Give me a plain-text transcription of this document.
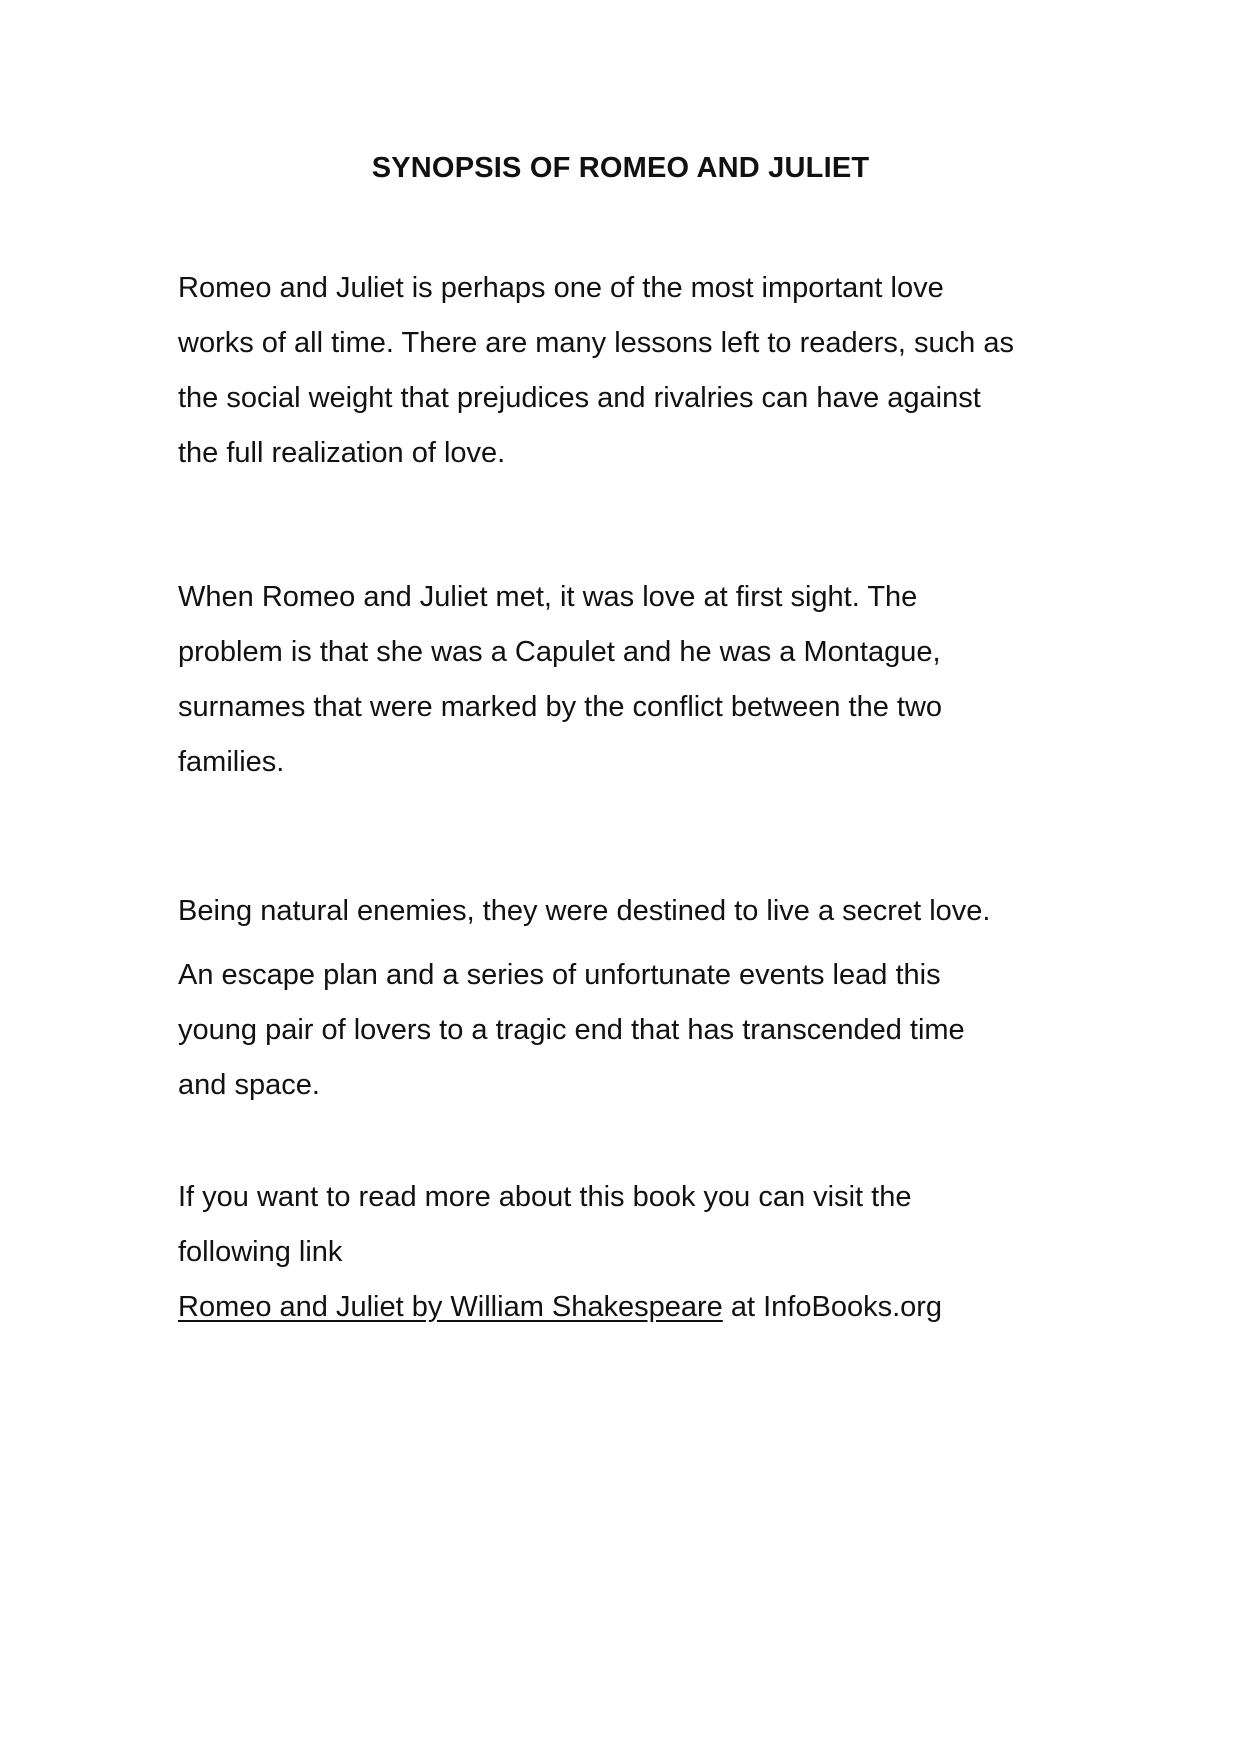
SYNOPSIS OF ROMEO AND JULIET
Romeo and Juliet is perhaps one of the most important love
works of all time. There are many lessons left to readers, such as
the social weight that prejudices and rivalries can have against
the full realization of love.
When Romeo and Juliet met, it was love at first sight. The
problem is that she was a Capulet and he was a Montague,
surnames that were marked by the conflict between the two
families.
Being natural enemies, they were destined to live a secret love.
An escape plan and a series of unfortunate events lead this
young pair of lovers to a tragic end that has transcended time
and space.
If you want to read more about this book you can visit the
following link
Romeo and Juliet by William Shakespeare at InfoBooks.org
